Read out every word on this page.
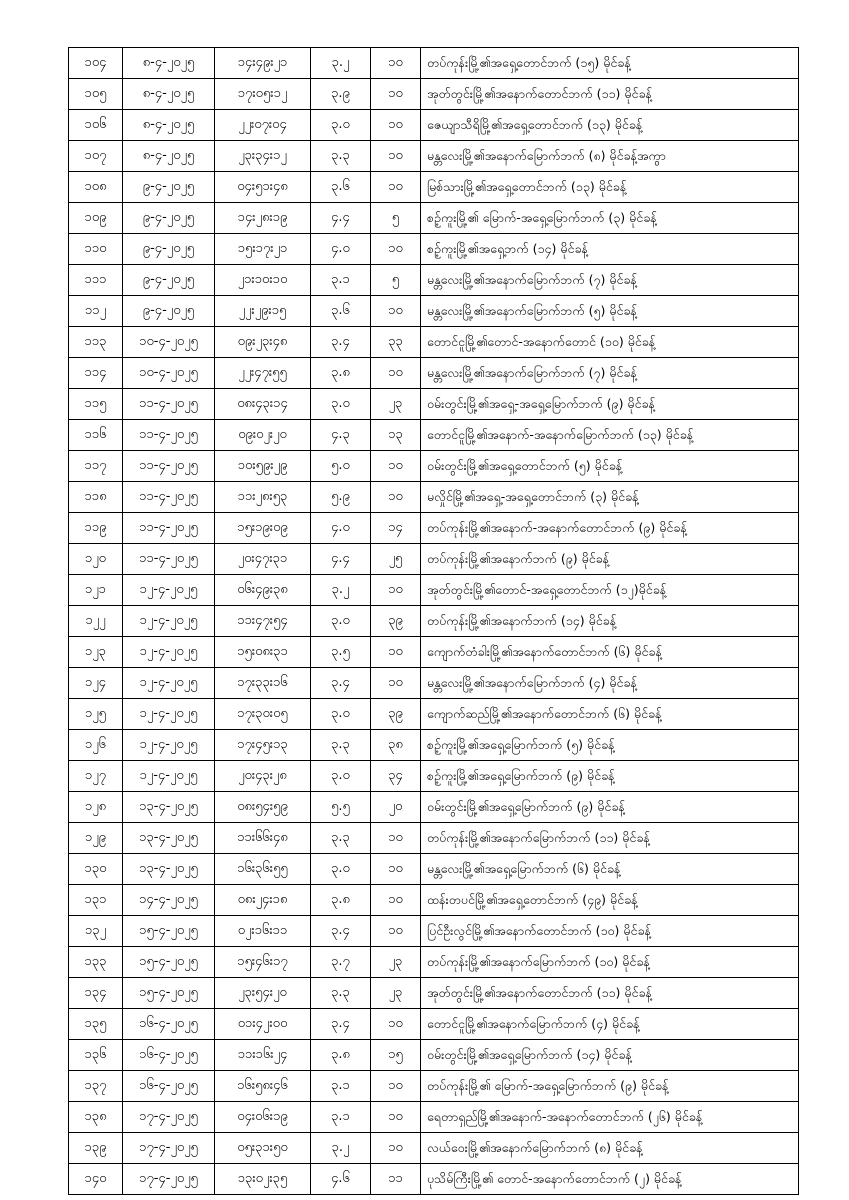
၁၀၄	၈-၄-၂၀၂၅	၁၄း၄၉း၂၁	၃.၂	၁၀	တပ်ကုန်းမြို့၏အရှေ့တောင်ဘက် (၁၅) မိုင်ခန့်
၁၀၅	၈-၄-၂၀၂၅	၁၇း၀၅း၁၂	၃.၉	၁၀	အုတ်တွင်းမြို့၏အနောက်တောင်ဘက် (၁၁) မိုင်ခန့်
၁၀၆	၈-၄-၂၀၂၅	၂၂း၀၇း၀၄	၃.၀	၁၀	ဇေယျာသီရိမြို့၏အရှေ့တောင်ဘက် (၁၃) မိုင်ခန့်
၁၀၇	၈-၄-၂၀၂၅	၂၃း၃၄း၁၂	၃.၃	၁၀	မန္တလေးမြို့၏အနောက်မြောက်ဘက် (၈) မိုင်ခန့်အကွာ
၁၀၈	၉-၄-၂၀၂၅	၀၄း၅၁း၄၈	၃.၆	၁၀	မြစ်သားမြို့၏အရှေ့တောင်ဘက် (၁၃) မိုင်ခန့်
၁၀၉	၉-၄-၂၀၂၅	၁၄း၂၈း၁၉	၄.၄	၅	စဉ့်ကူးမြို့၏ မြောက်-အရှေ့မြောက်ဘက် (၃) မိုင်ခန့်
၁၁၀	၉-၄-၂၀၂၅	၁၅း၁၇း၂၁	၄.၀	၁၀	စဉ့်ကူးမြို့၏အရှေ့ဘက် (၁၄) မိုင်ခန့်
၁၁၁	၉-၄-၂၀၂၅	၂၁း၁၀း၁၀	၃.၁	၅	မန္တလေးမြို့၏အနောက်မြောက်ဘက် (၇) မိုင်ခန့်
၁၁၂	၉-၄-၂၀၂၅	၂၂း၂၉း၁၅	၃.၆	၁၀	မန္တလေးမြို့၏အနောက်မြောက်ဘက် (၅) မိုင်ခန့်
၁၁၃	၁၀-၄-၂၀၂၅	၀၉း၂၃း၄၈	၃.၄	၃၃	တောင်ငူမြို့၏တောင်-အနောက်တောင် (၁၀) မိုင်ခန့်
၁၁၄	၁၀-၄-၂၀၂၅	၂၂း၄၇း၅၅	၃.၈	၁၀	မန္တလေးမြို့၏အနောက်မြောက်ဘက် (၇) မိုင်ခန့်
၁၁၅	၁၁-၄-၂၀၂၅	၀၈း၄၃း၁၄	၃.၀	၂၃	ဝမ်းတွင်းမြို့၏အရှေ့-အရှေ့မြောက်ဘက် (၉) မိုင်ခန့်
၁၁၆	၁၁-၄-၂၀၂၅	၀၉း၀၂း၂၀	၄.၃	၁၃	တောင်ငူမြို့၏အနောက်-အနောက်မြောက်ဘက် (၁၃) မိုင်ခန့်
၁၁၇	၁၁-၄-၂၀၂၅	၁၀း၅၉း၂၉	၅.၀	၁၀	ဝမ်းတွင်းမြို့၏အရှေ့တောင်ဘက် (၅) မိုင်ခန့်
၁၁၈	၁၁-၄-၂၀၂၅	၁၁း၂၈း၅၃	၅.၉	၁၀	မလှိုင်မြို့၏အရှေ့-အရှေ့တောင်ဘက် (၃) မိုင်ခန့်
၁၁၉	၁၁-၄-၂၀၂၅	၁၅း၁၉း၀၉	၄.၀	၁၄	တပ်ကုန်းမြို့၏အနောက်-အနောက်တောင်ဘက် (၉) မိုင်ခန့်
၁၂၀	၁၁-၄-၂၀၂၅	၂၀း၄၇း၃၁	၄.၄	၂၅	တပ်ကုန်းမြို့၏အနောက်ဘက် (၉) မိုင်ခန့်
၁၂၁	၁၂-၄-၂၀၂၅	၀၆း၄၉း၃၈	၃.၂	၁၀	အုတ်တွင်းမြို့၏တောင်-အရှေ့တောင်ဘက် (၁၂)မိုင်ခန့်
၁၂၂	၁၂-၄-၂၀၂၅	၁၁း၄၇း၅၄	၃.၀	၃၉	တပ်ကုန်းမြို့၏အနောက်ဘက် (၁၄) မိုင်ခန့်
၁၂၃	၁၂-၄-၂၀၂၅	၁၅း၀၈း၃၁	၃.၅	၁၀	ကျောက်တံခါးမြို့၏အနောက်တောင်ဘက် (၆) မိုင်ခန့်
၁၂၄	၁၂-၄-၂၀၂၅	၁၇း၃၃း၁၆	၃.၄	၁၀	မန္တလေးမြို့၏အနောက်မြောက်ဘက် (၄) မိုင်ခန့်
၁၂၅	၁၂-၄-၂၀၂၅	၁၇း၃၀း၀၅	၃.၀	၃၉	ကျောက်ဆည်မြို့၏အနောက်တောင်ဘက် (၆) မိုင်ခန့်
၁၂၆	၁၂-၄-၂၀၂၅	၁၇း၄၅း၁၃	၃.၃	၃၈	စဉ့်ကူးမြို့၏အရှေ့မြောက်ဘက် (၅) မိုင်ခန့်
၁၂၇	၁၂-၄-၂၀၂၅	၂၀း၄၃း၂၈	၃.၀	၃၄	စဉ့်ကူးမြို့၏အရှေ့မြောက်ဘက် (၉) မိုင်ခန့်
၁၂၈	၁၃-၄-၂၀၂၅	၀၈း၅၄း၅၉	၅.၅	၂၀	ဝမ်းတွင်းမြို့၏အရှေ့မြောက်ဘက် (၉) မိုင်ခန့်
၁၂၉	၁၃-၄-၂၀၂၅	၁၁း၆၆း၄၈	၃.၃	၁၀	တပ်ကုန်းမြို့၏အနောက်မြောက်ဘက် (၁၁) မိုင်ခန့်
၁၃၀	၁၃-၄-၂၀၂၅	၁၆း၃၆း၅၅	၃.၀	၁၀	မန္တလေးမြို့၏အရှေ့မြောက်ဘက် (၆) မိုင်ခန့်
၁၃၁	၁၄-၄-၂၀၂၅	၀၈း၂၄း၁၈	၃.၈	၁၀	ထန်းတပင်မြို့၏အရှေ့တောင်ဘက် (၄၉) မိုင်ခန့်
၁၃၂	၁၅-၄-၂၀၂၅	၀၂း၁၆း၁၁	၃.၄	၁၀	ပြင်ဦးလွင်မြို့၏အနောက်တောင်ဘက် (၁၀) မိုင်ခန့်
၁၃၃	၁၅-၄-၂၀၂၅	၁၅း၄၆း၁၇	၃.၇	၂၃	တပ်ကုန်းမြို့၏အနောက်မြောက်ဘက် (၁၀) မိုင်ခန့်
၁၃၄	၁၅-၄-၂၀၂၅	၂၃း၅၄း၂၀	၃.၃	၂၃	အုတ်တွင်းမြို့၏အနောက်တောင်ဘက် (၁၁) မိုင်ခန့်
၁၃၅	၁၆-၄-၂၀၂၅	၀၁း၄၂း၀၀	၃.၄	၁၀	တောင်ငူမြို့၏အနောက်မြောက်ဘက် (၄) မိုင်ခန့်
၁၃၆	၁၆-၄-၂၀၂၅	၁၁း၁၆း၂၄	၃.၈	၁၅	ဝမ်းတွင်းမြို့၏အရှေ့မြောက်ဘက် (၁၄) မိုင်ခန့်
၁၃၇	၁၆-၄-၂၀၂၅	၁၆း၅၈း၄၆	၃.၁	၁၀	တပ်ကုန်းမြို့၏ မြောက်-အရှေ့မြောက်ဘက် (၉) မိုင်ခန့်
၁၃၈	၁၇-၄-၂၀၂၅	၀၄း၀၆း၁၉	၃.၁	၁၀	ရေတာရှည်မြို့၏အနောက်-အနောက်တောင်ဘက် (၂၆) မိုင်ခန့်
၁၃၉	၁၇-၄-၂၀၂၅	၀၅း၃၁း၅၀	၃.၂	၁၀	လယ်ဝေးမြို့၏အနောက်မြောက်ဘက် (၈) မိုင်ခန့်
၁၄၀	၁၇-၄-၂၀၂၅	၁၃း၀၂း၃၅	၄.၆	၁၁	ပုသိမ်ကြီးမြို့၏ တောင်-အနောက်တောင်ဘက် (၂) မိုင်ခန့်
